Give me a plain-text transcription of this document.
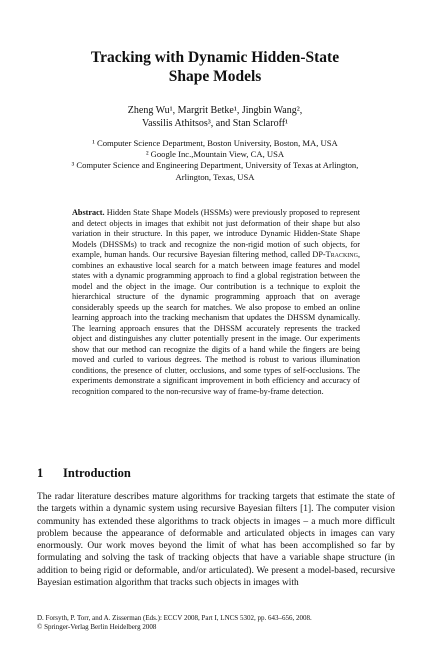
Tracking with Dynamic Hidden-State
Shape Models
Zheng Wu¹, Margrit Betke¹, Jingbin Wang²,
Vassilis Athitsos³, and Stan Sclaroff¹
¹ Computer Science Department, Boston University, Boston, MA, USA
² Google Inc.,Mountain View, CA, USA
³ Computer Science and Engineering Department, University of Texas at Arlington,
Arlington, Texas, USA
Abstract. Hidden State Shape Models (HSSMs) were previously proposed to represent and detect objects in images that exhibit not just deformation of their shape but also variation in their structure. In this paper, we introduce Dynamic Hidden-State Shape Models (DHSSMs) to track and recognize the non-rigid motion of such objects, for example, human hands. Our recursive Bayesian filtering method, called DP-Tracking, combines an exhaustive local search for a match between image features and model states with a dynamic programming approach to find a global registration between the model and the object in the image. Our contribution is a technique to exploit the hierarchical structure of the dynamic programming approach that on average considerably speeds up the search for matches. We also propose to embed an online learning approach into the tracking mechanism that updates the DHSSM dynamically. The learning approach ensures that the DHSSM accurately represents the tracked object and distinguishes any clutter potentially present in the image. Our experiments show that our method can recognize the digits of a hand while the fingers are being moved and curled to various degrees. The method is robust to various illumination conditions, the presence of clutter, occlusions, and some types of self-occlusions. The experiments demonstrate a significant improvement in both efficiency and accuracy of recognition compared to the non-recursive way of frame-by-frame detection.
1 Introduction
The radar literature describes mature algorithms for tracking targets that estimate the state of the targets within a dynamic system using recursive Bayesian filters [1]. The computer vision community has extended these algorithms to track objects in images – a much more difficult problem because the appearance of deformable and articulated objects in images can vary enormously. Our work moves beyond the limit of what has been accomplished so far by formulating and solving the task of tracking objects that have a variable shape structure (in addition to being rigid or deformable, and/or articulated). We present a model-based, recursive Bayesian estimation algorithm that tracks such objects in images with
D. Forsyth, P. Torr, and A. Zisserman (Eds.): ECCV 2008, Part I, LNCS 5302, pp. 643–656, 2008.
© Springer-Verlag Berlin Heidelberg 2008
